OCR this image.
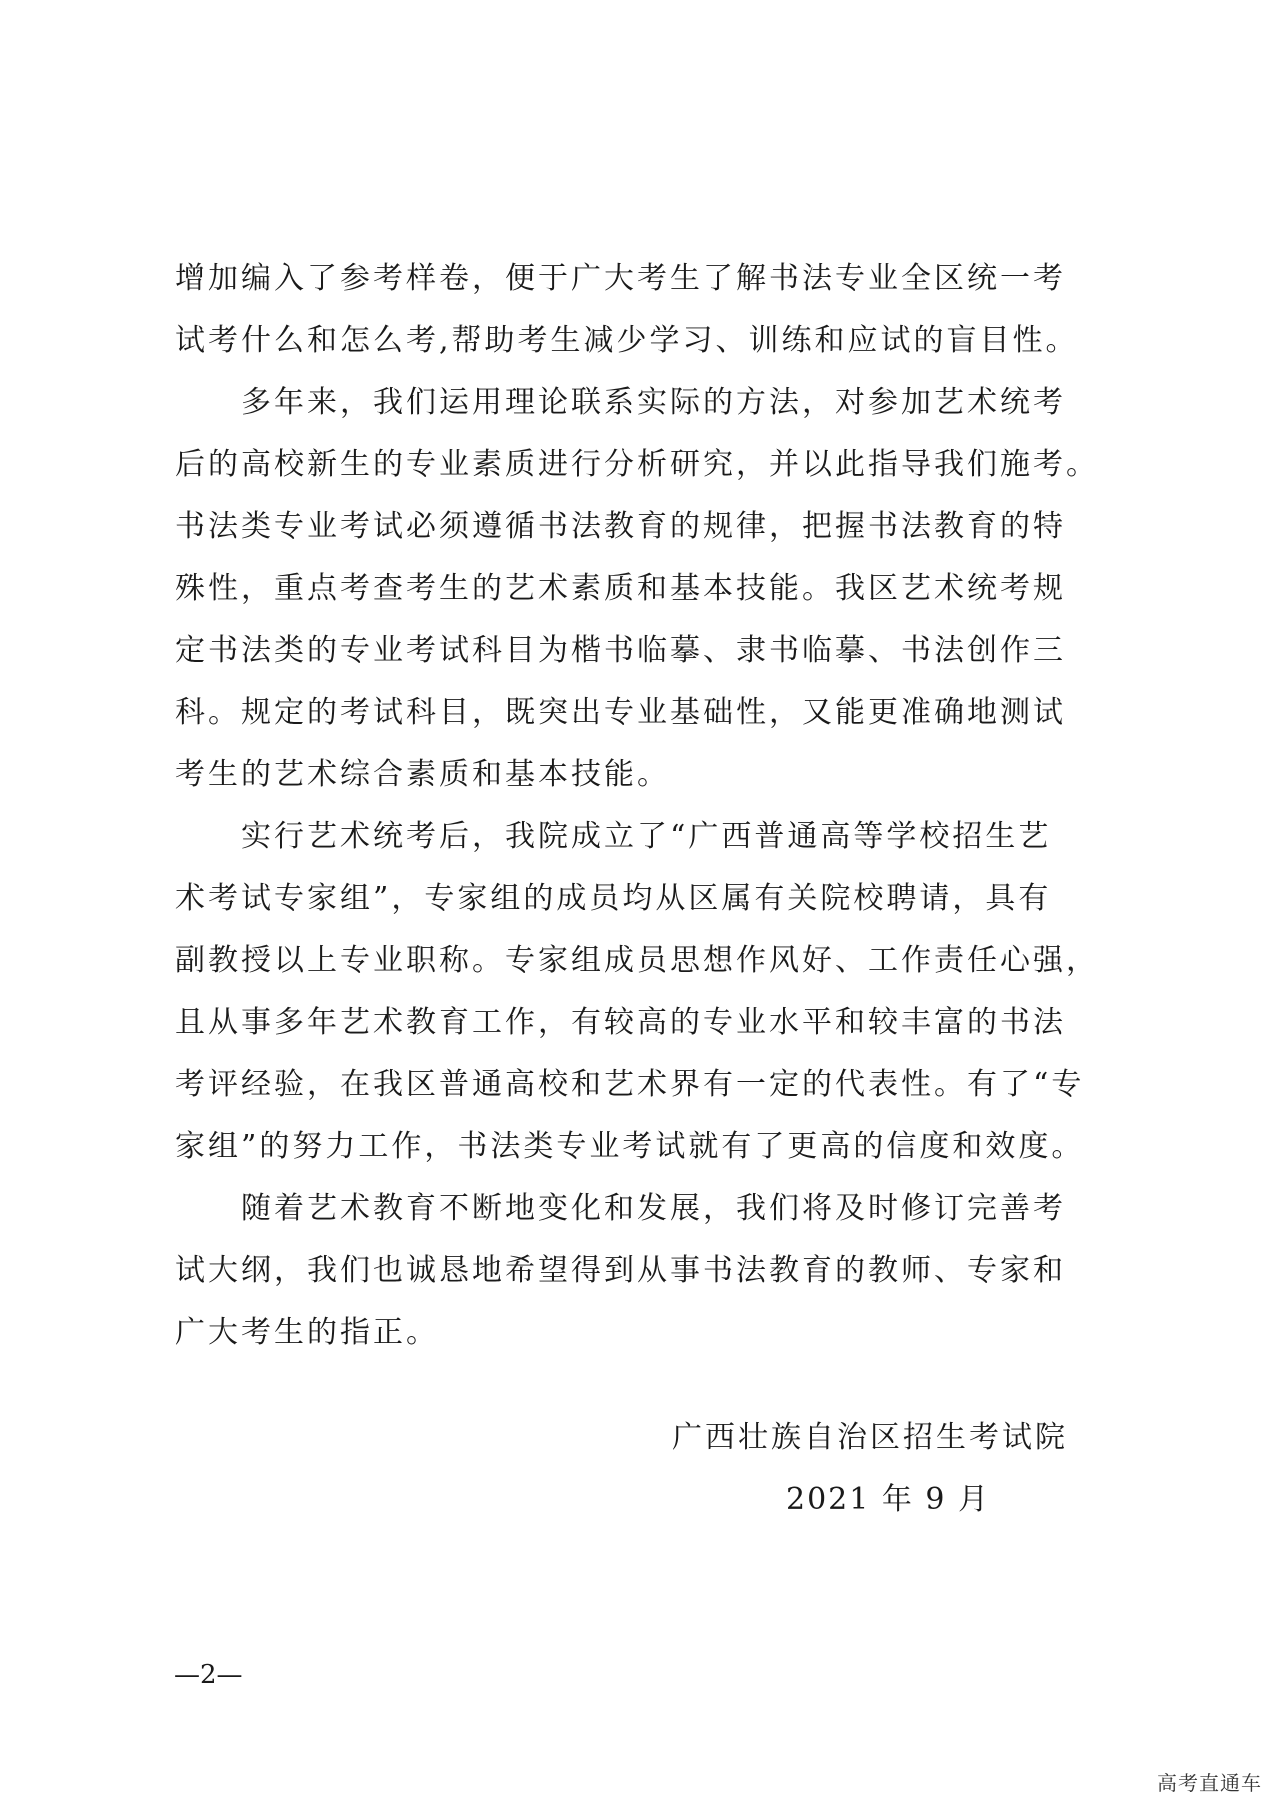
增加编入了参考样卷，便于广大考生了解书法专业全区统一考
试考什么和怎么考,帮助考生减少学习、训练和应试的盲目性。
　　多年来，我们运用理论联系实际的方法，对参加艺术统考
后的高校新生的专业素质进行分析研究，并以此指导我们施考。
书法类专业考试必须遵循书法教育的规律，把握书法教育的特
殊性，重点考查考生的艺术素质和基本技能。我区艺术统考规
定书法类的专业考试科目为楷书临摹、隶书临摹、书法创作三
科。规定的考试科目，既突出专业基础性，又能更准确地测试
考生的艺术综合素质和基本技能。
　　实行艺术统考后，我院成立了“广西普通高等学校招生艺
术考试专家组”，专家组的成员均从区属有关院校聘请，具有
副教授以上专业职称。专家组成员思想作风好、工作责任心强，
且从事多年艺术教育工作，有较高的专业水平和较丰富的书法
考评经验，在我区普通高校和艺术界有一定的代表性。有了“专
家组”的努力工作，书法类专业考试就有了更高的信度和效度。
　　随着艺术教育不断地变化和发展，我们将及时修订完善考
试大纲，我们也诚恳地希望得到从事书法教育的教师、专家和
广大考生的指正。
广西壮族自治区招生考试院
2021 年 9 月
—2—
高考直通车
